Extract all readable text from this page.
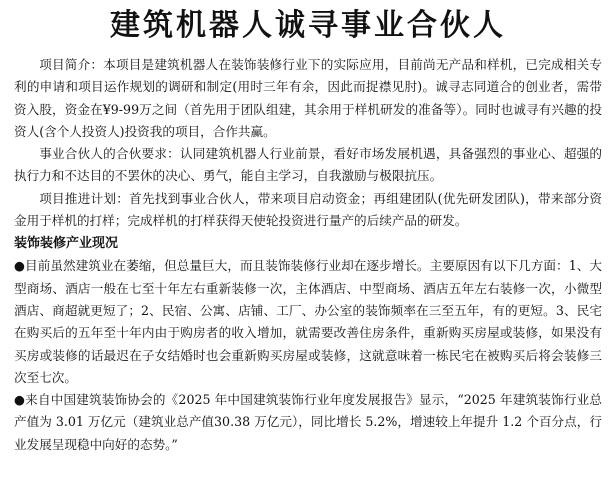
建筑机器人诚寻事业合伙人

项目简介：本项目是建筑机器人在装饰装修行业下的实际应用，目前尚无产品和样机，已完成相关专利的申请和项目运作规划的调研和制定(用时三年有余，因此而捉襟见肘)。诚寻志同道合的创业者，需带资入股，资金在¥9-99万之间（首先用于团队组建，其余用于样机研发的准备等）。同时也诚寻有兴趣的投资人(含个人投资人)投资我的项目，合作共赢。

事业合伙人的合伙要求：认同建筑机器人行业前景，看好市场发展机遇，具备强烈的事业心、超强的执行力和不达目的不罢休的决心、勇气，能自主学习，自我激励与极限抗压。

项目推进计划：首先找到事业合伙人，带来项目启动资金；再组建团队(优先研发团队)，带来部分资金用于样机的打样；完成样机的打样获得天使轮投资进行量产的后续产品的研发。

装饰装修产业现况

●目前虽然建筑业在萎缩，但总量巨大，而且装饰装修行业却在逐步增长。主要原因有以下几方面：1、大型商场、酒店一般在七至十年左右重新装修一次，主体酒店、中型商场、酒店五年左右装修一次，小微型酒店、商超就更短了；2、民宿、公寓、店铺、工厂、办公室的装饰频率在三至五年，有的更短。3、民宅在购买后的五年至十年内由于购房者的收入增加，就需要改善住房条件，重新购买房屋或装修，如果没有买房或装修的话最迟在子女结婚时也会重新购买房屋或装修，这就意味着一栋民宅在被购买后将会装修三次至七次。

●来自中国建筑装饰协会的《2025 年中国建筑装饰行业年度发展报告》显示，“2025 年建筑装饰行业总产值为 3.01 万亿元（建筑业总产值30.38 万亿元），同比增长 5.2%，增速较上年提升 1.2 个百分点，行业发展呈现稳中向好的态势。”
